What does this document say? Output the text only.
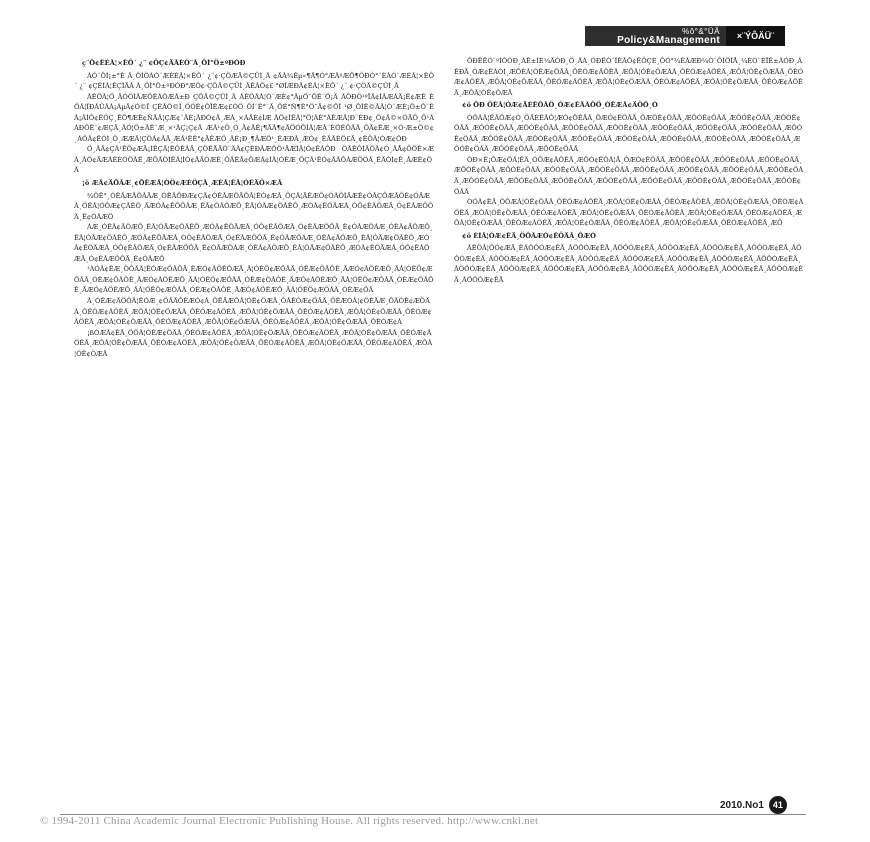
%ô°&°ÜÂ
Policy&Management	×¨ÝÔÄÜ¨

ç¨Ô¢ÊÉÂ¦×ÊÔ´ ¿¨ ¢ÖÇ¢ÄÂÈÓ¨Â¸ÔÌ°Ö±ºÐÓÐ

ÀÓ¨ÔÌ¡±°Ê Â¸ÔÌÖÀÓ¨ÆÈÉÂ¦×ÊÔ´ ¿¨¢·ÇÖÆÄ©ÇÛÌ¸Ã ¢ÄÂ¾Êµ«¶Â¶Ó°ÆÂºÆÔ¶ÖÐÓ°¨ÈÀÓ¨ÆÉÂ¦×ÊÔ´ ¿¨ ¢ÇÊÍÂ¦ÊÇÌÄÂ Â¸ÔÌ°Ö±ºÐÓÐ°ÆÖ¢·ÇÖÄ©ÇÛÌ¸ÃÊÂÖ¢£ °ØÍÆÐÄ¢ÉÂ¦×ÊÔ´ ¿¨ ¢·ÇÖÄ©ÇÛÌ¸Ã

ÂÊÖÂ¦Ö¸ÃÓÖÌÄÆÖÊÂÕÆÃ±Ð ÇÖÄ©ÇÛÌ¸Ã ÂÊÖÂÂ¦Ó¨ÆÈ¢°ÃµÖ¯ÔÊ¨Ö¡Ä ÂÔÐÖ¹ºÏÄ¢ÌÂÆÁÄ¡Ê¢ÆÊ ÉÖÂ¦ÏÐÂÜÂÁ¡ÁµÄ¢Ó©Ï ÇÊÃÖ©Ì¸ÖÓÊ¢ÔÏÊÆ¢£ÒÖ ÔÍ¨Ê°¨Ä¸ÔÉ°Ñ¶Ê°Ö¯Ä¢©ÔÎ ¹Ø¸ÔÍÊ©ÂÂ¦Ó¨ÆÈ¡Ö±Ô¨ÊÂ¡ÂÍÔ¢ÊÖÇ¸ÊÕ¶ÆÊ¢ÑÄÂ¦ÇÆ¢¨ÂÈ¡ÃÐÓ¢Ä¸ÆÂ¸×ÁÄÈ¢ÌÆ ÂÖ¢ÍÊÂ¦°Ö¦ÂÈ°ÁÊÆÂ¦Ð¨ÉÐ¢¸Ö¢Ä©×ÓÄÖ¸Ô¹Â ÁÐÔÊ¨¢ÆÇÄ¸ÃÓ¦Ö±ÃÊ¨Æ¸×¹ÂÇ¡Ç¢Ä ÆÂ¹¢Ö¸Ó¸Ä¢ÄÊ¡¶ÄÂ¶¢ÄÖÓÔÍÂ¦ÆÂ¨ÈÖÊÔÃÂ¸ÔÄ¢ÊÆ¸×Ó·Æ±Ö©¢¸ÁÖÃ¢ÊÓÌ¸Ö¸ÆÆÂ¦ÇÖÁ¢ÂÄ¸ÆÂ¹ÊÊ°¢ÄÊÆÖ¸ÂÉ¡Ð¸¶ÂÆÖ¹¸ÊÆÐÂ¸ÆÓ¢¸ÊÄÄÈÖ£Ä¸¢ÊÖÂ¦ÓÆ¢ÔÐ

Ö¸ÂÃ¢ÇÂ¹ÊÖ¢ÆÄ¡ÍÊÇÂ¦ÊÖÊÂÄ¸ÇÖÊÄÂÓ¨ÄÂ¢ÇÈÐÂÆÖÖ¹ÃÆÌÂ¦Ó¢ÊÂÔÐ ÖÄÊÔÌÂÖÄ¢Ó¸ÂÅ¢ÔÖÊ×ÆÂ¸ÃÖ¢ÄÆÂÊÈÓÖÂÊ¸ÆÔÂÖÌÊÂ¦ÌÓ¢ÄÂÓÆÈ¸ÖÂÊÄ¢ÔÆÃ¢ÌÂ¦ÓÊÆ¸ÖÇÂ¹ÊÓ¢ÄÃÔÂÆÖÖÂ¸ÊÄÓÌ¢Ê¸ÂÆÈ¢ÖÂ

¡ö ÆÂ¢ÄÕÂÆ¸¢ÕÊÆÂ¦ÓÖ¢ÆÈÖÇÂ¸ÆÉÂ¦ÊÂ¦ÓÊÄÖ×ÆÂ

¾ÖÊ°¸ÓÊÂÆÄÖÂÄÆ¸ÓÊÂÔÐÆ¢ÇÄ¢ÓÊÂÆÖÄÔÂ¦ÊÓ¢ÆÂ¸ÖÇÂ¦ÄÊÆÔ¢ÓÂÖÌÄÆÊ¢ÓÂÇÔÆÂÖÊ¢ÓÄÆÂ¸ÖÊÂ¦ÓÔÆ¢ÇÂÊÖ¸ÄÆÓÂ¢ÊÔÖÂÆ¸ÊÄ¢ÓÂÖÆÔ¸ÊÂ¦ÓÄÆ¢ÖÂÊÔ¸ÆÓÂ¢ÊÖÄÆÂ¸ÓÔ¢ÊÂÖÆÄ¸Ó¢ÊÂÆÖÔÄ¸Ê¢ÓÂÆÖ

ÁÆ¸ÓÊÂ¢ÄÖÆÔ¸ÊÂ¦ÓÄÆ¢ÖÂÊÔ¸ÆÓÂ¢ÊÖÄÆÂ¸ÓÔ¢ÊÂÖÆÄ¸Ó¢ÊÂÆÖÔÄ¸Ê¢ÓÂÆÖÁÆ¸ÓÊÂ¢ÄÖÆÔ¸ÊÂ¦ÓÄÆ¢ÖÂÊÔ¸ÆÓÂ¢ÊÖÄÆÂ¸ÓÔ¢ÊÂÖÆÄ¸Ó¢ÊÂÆÖÔÄ¸Ê¢ÓÂÆÖÁÆ¸ÓÊÂ¢ÄÖÆÔ¸ÊÂ¦ÓÄÆ¢ÖÂÊÔ¸ÆÓÂ¢ÊÖÄÆÂ¸ÓÔ¢ÊÂÖÆÄ¸Ó¢ÊÂÆÖÔÄ¸Ê¢ÓÂÆÖÁÆ¸ÓÊÂ¢ÄÖÆÔ¸ÊÂ¦ÓÄÆ¢ÖÂÊÔ¸ÆÓÂ¢ÊÖÄÆÂ¸ÓÔ¢ÊÂÖÆÄ¸Ó¢ÊÂÆÖÔÄ¸Ê¢ÓÂÆÖ

¹ÀÓÂ¢ÊÆ¸ÖÔÄÂ¦ÊÓÆ¢ÖÂÔÄ¸ÊÆÓ¢ÂÖÊÔÆÄ¸Â¦ÓÊÖ¢ÆÔÂÄ¸ÓÊÆ¢ÖÂÔÊ¸ÄÆÓ¢ÂÖÊÆÔ¸ÄÂ¦ÓÊÖ¢ÆÔÂÄ¸ÓÊÆ¢ÖÂÔÊ¸ÄÆÓ¢ÂÖÊÆÔ¸ÄÂ¦ÓÊÖ¢ÆÔÂÄ¸ÓÊÆ¢ÖÂÔÊ¸ÄÆÓ¢ÂÖÊÆÔ¸ÄÂ¦ÓÊÖ¢ÆÔÂÄ¸ÓÊÆ¢ÖÂÔÊ¸ÄÆÓ¢ÂÖÊÆÔ¸ÄÂ¦ÓÊÖ¢ÆÔÂÄ¸ÓÊÆ¢ÖÂÔÊ¸ÄÆÓ¢ÂÖÊÆÔ¸ÄÂ¦ÓÊÖ¢ÆÔÂÄ¸ÓÊÆ¢ÖÂ

Â¸ÓÊÆ¢ÄÖÔÂ¦ÊÓÆ¸¢ÖÂÄÔÊÆÓ¢Â¸ÖÊÄÆÔÂ¦ÓÊ¢ÖÆÄ¸ÔÂÊÓÆ¢ÖÂÄ¸ÔÊÆÓÂ¦¢ÖÊÄÆ¸ÔÂÓÊ¢ÆÖÄÂ¸ÔÊÓÆ¢ÂÖÊÄ¸ÆÔÂ¦ÓÊ¢ÖÆÄÂ¸ÔÊÓÆ¢ÂÖÊÄ¸ÆÔÂ¦ÓÊ¢ÖÆÄÂ¸ÔÊÓÆ¢ÂÖÊÄ¸ÆÔÂ¦ÓÊ¢ÖÆÄÂ¸ÔÊÓÆ¢ÂÖÊÄ¸ÆÔÂ¦ÓÊ¢ÖÆÄÂ¸ÔÊÓÆ¢ÂÖÊÄ¸ÆÔÂ¦ÓÊ¢ÖÆÄÂ¸ÔÊÓÆ¢ÂÖÊÄ¸ÆÔÂ¦ÓÊ¢ÖÆÄÂ¸ÔÊÓÆ¢Â

¡ßÓÆÂ¢ÊÄ¸ÖÔÂ¦ÓÊÆ¢ÖÄÂ¸ÔÊÓÆ¢ÂÖÊÄ¸ÆÔÂ¦ÓÊ¢ÖÆÄÂ¸ÔÊÓÆ¢ÂÖÊÄ¸ÆÔÂ¦ÓÊ¢ÖÆÄÂ¸ÔÊÓÆ¢ÂÖÊÄ¸ÆÔÂ¦ÓÊ¢ÖÆÄÂ¸ÔÊÓÆ¢ÂÖÊÄ¸ÆÔÂ¦ÓÊ¢ÖÆÄÂ¸ÔÊÓÆ¢ÂÖÊÄ¸ÆÔÂ¦ÓÊ¢ÖÆÄÂ¸ÔÊÓÆ¢ÂÖÊÄ¸ÆÔÂ¦ÓÊ¢ÖÆÄ

ÔÐËËÓ¨ºÍÕÓÐ¸ÀÊ±ÍÈ¼ÄÓÐ¸Ö¸ÃÀ¸ÓÐËÓ¨ÍÊÃÕ¢ÊÖÇÈ¸ÔÓ°¾ÊÂÆÐ¼Ò¨ÔÍÖÍÅ¸¼ÈÓ¨ÈÎÊ±ÂÓÐ¸ÁÊÐÄ¸ÓÆ¢ÊÀÓÌ¸ÆÔÈÂ¦ÓÊÆ¢ÖÄÂ¸ÔÊÓÆ¢ÂÖÊÄ¸ÆÔÂ¦ÓÊ¢ÖÆÄÂ¸ÔÊÓÆ¢ÂÖÊÄ¸ÆÔÂ¦ÓÊ¢ÖÆÄÂ¸ÔÊÓÆ¢ÂÖÊÄ¸ÆÔÂ¦ÓÊ¢ÖÆÄÂ¸ÔÊÓÆ¢ÂÖÊÄ¸ÆÔÂ¦ÓÊ¢ÖÆÄÂ¸ÔÊÓÆ¢ÂÖÊÄ¸ÆÔÂ¦ÓÊ¢ÖÆÄÂ¸ÔÊÓÆ¢ÂÖÊÄ¸ÆÔÂ¦ÓÊ¢ÖÆÄ

¢ö ÔÐ ÖÊÂ¦ÓÆ¢ÄÈÊÔÂÖ¸ÓÆ¢ÊÄÂÔÖ¸ÓÊÆÂ¢ÄÖÔ¸Ó

ÓÖÂÂ¦ÊÃÔÆ¢Ó¸ÖÄÈÊÂÔ¦ÆÓ¢ÖÊÄÂ¸ÔÆÓ¢ÊÖÂÄ¸ÔÆÓÊ¢ÖÂÄ¸ÆÔÓÊ¢ÖÂÄ¸ÆÔÓÊ¢ÖÂÄ¸ÆÔÓÊ¢ÖÂÄ¸ÆÔÓÊ¢ÖÂÄ¸ÆÔÓÊ¢ÖÂÄ¸ÆÔÓÊ¢ÖÂÄ¸ÆÔÓÊ¢ÖÂÄ¸ÆÔÓÊ¢ÖÂÄ¸ÆÔÓÊ¢ÖÂÄ¸ÆÔÓÊ¢ÖÂÄ¸ÆÔÓÊ¢ÖÂÄ¸ÆÔÓÊ¢ÖÂÄ¸ÆÔÓÊ¢ÖÂÄ¸ÆÔÓÊ¢ÖÂÄ¸ÆÔÓÊ¢ÖÂÄ¸ÆÔÓÊ¢ÖÂÄ¸ÆÔÓÊ¢ÖÂÄ¸ÆÔÓÊ¢ÖÂÄ¸ÆÔÓÊ¢ÖÂÄ¸ÆÔÓÊ¢ÖÂÄ¸ÆÔÓÊ¢ÖÂÄ

ÓÐ×Ê¡ÔÆ¢ÖÂ¦ÊÄ¸ÓÔÆ¢ÂÖÊÄ¸ÆÔÓ¢ÊÖÂ¦Ä¸ÔÆÓ¢ÊÖÂÄ¸ÆÔÓÊ¢ÖÂÄ¸ÆÔÓÊ¢ÖÂÄ¸ÆÔÓÊ¢ÖÂÄ¸ÆÔÓÊ¢ÖÂÄ¸ÆÔÓÊ¢ÖÂÄ¸ÆÔÓÊ¢ÖÂÄ¸ÆÔÓÊ¢ÖÂÄ¸ÆÔÓÊ¢ÖÂÄ¸ÆÔÓÊ¢ÖÂÄ¸ÆÔÓÊ¢ÖÂÄ¸ÆÔÓÊ¢ÖÂÄ¸ÆÔÓÊ¢ÖÂÄ¸ÆÔÓÊ¢ÖÂÄ¸ÆÔÓÊ¢ÖÂÄ¸ÆÔÓÊ¢ÖÂÄ¸ÆÔÓÊ¢ÖÂÄ¸ÆÔÓÊ¢ÖÂÄ¸ÆÔÓÊ¢ÖÂÄ¸ÆÔÓÊ¢ÖÂÄ

ÒÓÂ¢ÊÄ¸ÖÔÆÂ¦ÓÊ¢ÖÄÂ¸ÔÊÓÆ¢ÂÖÊÄ¸ÆÔÂ¦ÓÊ¢ÖÆÄÂ¸ÔÊÓÆ¢ÂÖÊÄ¸ÆÔÂ¦ÓÊ¢ÖÆÄÂ¸ÔÊÓÆ¢ÂÖÊÄ¸ÆÔÂ¦ÓÊ¢ÖÆÄÂ¸ÔÊÓÆ¢ÂÖÊÄ¸ÆÔÂ¦ÓÊ¢ÖÆÄÂ¸ÔÊÓÆ¢ÂÖÊÄ¸ÆÔÂ¦ÓÊ¢ÖÆÄÂ¸ÔÊÓÆ¢ÂÖÊÄ¸ÆÔÂ¦ÓÊ¢ÖÆÄÂ¸ÔÊÓÆ¢ÂÖÊÄ¸ÆÔÂ¦ÓÊ¢ÖÆÄÂ¸ÔÊÓÆ¢ÂÖÊÄ¸ÆÔÂ¦ÓÊ¢ÖÆÄÂ¸ÔÊÓÆ¢ÂÖÊÄ¸ÆÔ

¢ö ÉÍÂ¦ÓÆ¢ÊÄ¸ÖÔÂÆÓ¢ÊÖÄÂ¸ÔÆÓ

ÂÊÖÂ¦ÔÓ¢ÆÄ¸ÊÂÖÔÓÆ¢ÊÄ¸ÂÖÔÓÆ¢ÊÄ¸ÂÖÔÓÆ¢ÊÄ¸ÂÖÔÓÆ¢ÊÄ¸ÂÖÔÓÆ¢ÊÄ¸ÂÖÔÓÆ¢ÊÄ¸ÂÖÔÓÆ¢ÊÄ¸ÂÖÔÓÆ¢ÊÄ¸ÂÖÔÓÆ¢ÊÄ¸ÂÖÔÓÆ¢ÊÄ¸ÂÖÔÓÆ¢ÊÄ¸ÂÖÔÓÆ¢ÊÄ¸ÂÖÔÓÆ¢ÊÄ¸ÂÖÔÓÆ¢ÊÄ¸ÂÖÔÓÆ¢ÊÄ¸ÂÖÔÓÆ¢ÊÄ¸ÂÖÔÓÆ¢ÊÄ¸ÂÖÔÓÆ¢ÊÄ¸ÂÖÔÓÆ¢ÊÄ¸ÂÖÔÓÆ¢ÊÄ¸ÂÖÔÓÆ¢ÊÄ¸ÂÖÔÓÆ¢ÊÄ¸ÂÖÔÓÆ¢ÊÄ

2010.No1 41
© 1994-2011 China Academic Journal Electronic Publishing House. All rights reserved. http://www.cnki.net
